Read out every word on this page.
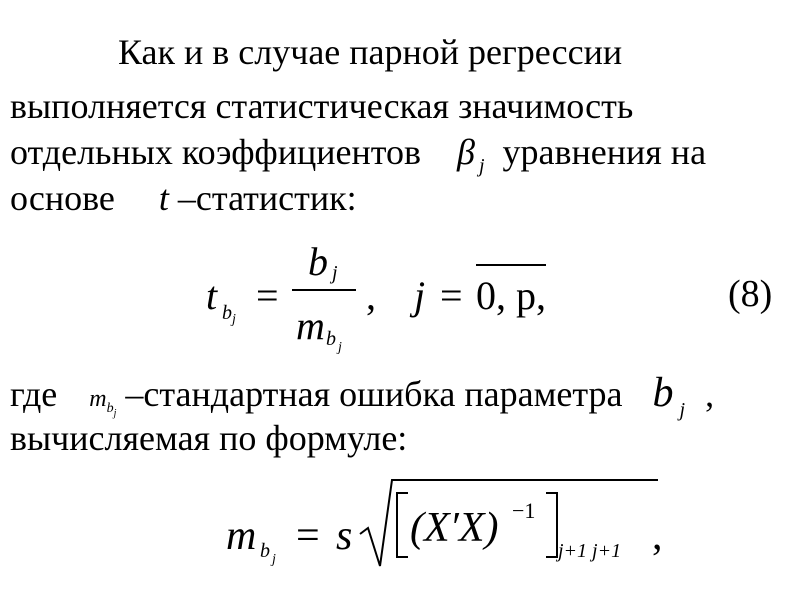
Как и в случае парной регрессии
выполняется статистическая значимость
отдельных коэффициентов β $_j$ уравнения на
основе t –статистик:
t b j
=
b j
m b j
, j = 0, p,	(8)
где $m_{bj}$ –стандартная ошибка параметра b $_j$ ,
вычисляемая по формуле:
m b j
= s (X′X) −1
j+1 j+1 ,
